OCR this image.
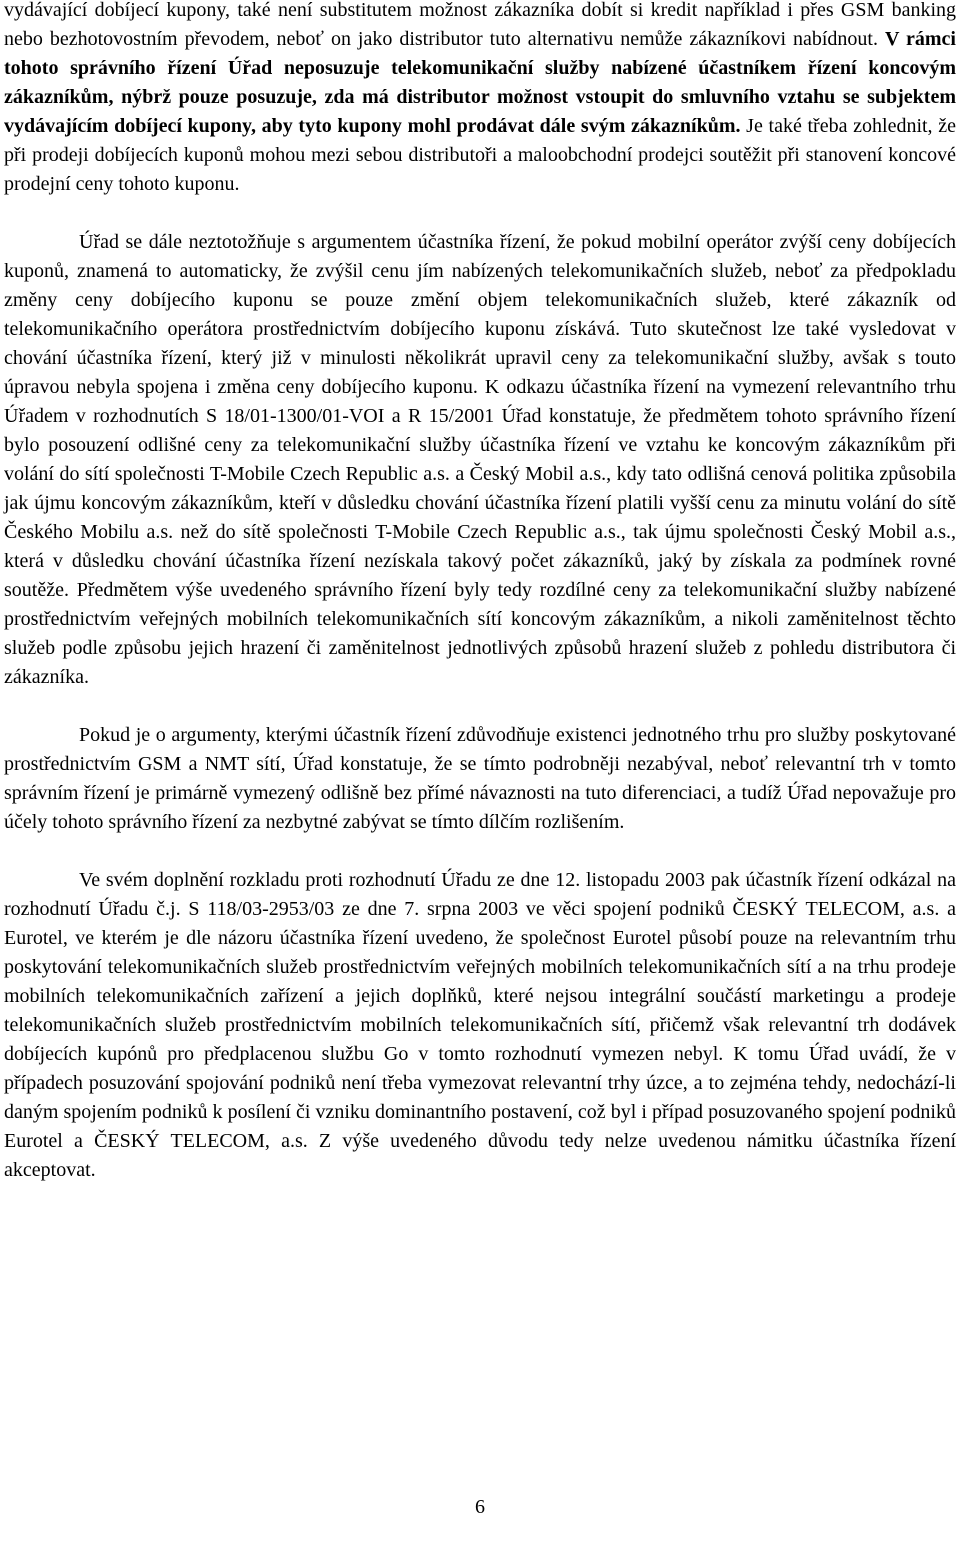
vydávající dobíjecí kupony, také není substitutem možnost zákazníka dobít si kredit například i přes GSM banking nebo bezhotovostním převodem, neboť on jako distributor tuto alternativu nemůže zákazníkovi nabídnout. V rámci tohoto správního řízení Úřad neposuzuje telekomunikační služby nabízené účastníkem řízení koncovým zákazníkům, nýbrž pouze posuzuje, zda má distributor možnost vstoupit do smluvního vztahu se subjektem vydávajícím dobíjecí kupony, aby tyto kupony mohl prodávat dále svým zákazníkům. Je také třeba zohlednit, že při prodeji dobíjecích kuponů mohou mezi sebou distributoři a maloobchodní prodejci soutěžit při stanovení koncové prodejní ceny tohoto kuponu.

Úřad se dále neztotožňuje s argumentem účastníka řízení, že pokud mobilní operátor zvýší ceny dobíjecích kuponů, znamená to automaticky, že zvýšil cenu jím nabízených telekomunikačních služeb, neboť za předpokladu změny ceny dobíjecího kuponu se pouze změní objem telekomunikačních služeb, které zákazník od telekomunikačního operátora prostřednictvím dobíjecího kuponu získává. Tuto skutečnost lze také vysledovat v chování účastníka řízení, který již v minulosti několikrát upravil ceny za telekomunikační služby, avšak s touto úpravou nebyla spojena i změna ceny dobíjecího kuponu. K odkazu účastníka řízení na vymezení relevantního trhu Úřadem v rozhodnutích S 18/01-1300/01-VOI a R 15/2001 Úřad konstatuje, že předmětem tohoto správního řízení bylo posouzení odlišné ceny za telekomunikační služby účastníka řízení ve vztahu ke koncovým zákazníkům při volání do sítí společnosti T-Mobile Czech Republic a.s. a Český Mobil a.s., kdy tato odlišná cenová politika způsobila jak újmu koncovým zákazníkům, kteří v důsledku chování účastníka řízení platili vyšší cenu za minutu volání do sítě Českého Mobilu a.s. než do sítě společnosti T-Mobile Czech Republic a.s., tak újmu společnosti Český Mobil a.s., která v důsledku chování účastníka řízení nezískala takový počet zákazníků, jaký by získala za podmínek rovné soutěže. Předmětem výše uvedeného správního řízení byly tedy rozdílné ceny za telekomunikační služby nabízené prostřednictvím veřejných mobilních telekomunikačních sítí koncovým zákazníkům, a nikoli zaměnitelnost těchto služeb podle způsobu jejich hrazení či zaměnitelnost jednotlivých způsobů hrazení služeb z pohledu distributora či zákazníka.

Pokud je o argumenty, kterými účastník řízení zdůvodňuje existenci jednotného trhu pro služby poskytované prostřednictvím GSM a NMT sítí, Úřad konstatuje, že se tímto podrobněji nezabýval, neboť relevantní trh v tomto správním řízení je primárně vymezený odlišně bez přímé návaznosti na tuto diferenciaci, a tudíž Úřad nepovažuje pro účely tohoto správního řízení za nezbytné zabývat se tímto dílčím rozlišením.

Ve svém doplnění rozkladu proti rozhodnutí Úřadu ze dne 12. listopadu 2003 pak účastník řízení odkázal na rozhodnutí Úřadu č.j. S 118/03-2953/03 ze dne 7. srpna 2003 ve věci spojení podniků ČESKÝ TELECOM, a.s. a Eurotel, ve kterém je dle názoru účastníka řízení uvedeno, že společnost Eurotel působí pouze na relevantním trhu poskytování telekomunikačních služeb prostřednictvím veřejných mobilních telekomunikačních sítí a na trhu prodeje mobilních telekomunikačních zařízení a jejich doplňků, které nejsou integrální součástí marketingu a prodeje telekomunikačních služeb prostřednictvím mobilních telekomunikačních sítí, přičemž však relevantní trh dodávek dobíjecích kupónů pro předplacenou službu Go v tomto rozhodnutí vymezen nebyl. K tomu Úřad uvádí, že v případech posuzování spojování podniků není třeba vymezovat relevantní trhy úzce, a to zejména tehdy, nedochází-li daným spojením podniků k posílení či vzniku dominantního postavení, což byl i případ posuzovaného spojení podniků Eurotel a ČESKÝ TELECOM, a.s. Z výše uvedeného důvodu tedy nelze uvedenou námitku účastníka řízení akceptovat.

6
